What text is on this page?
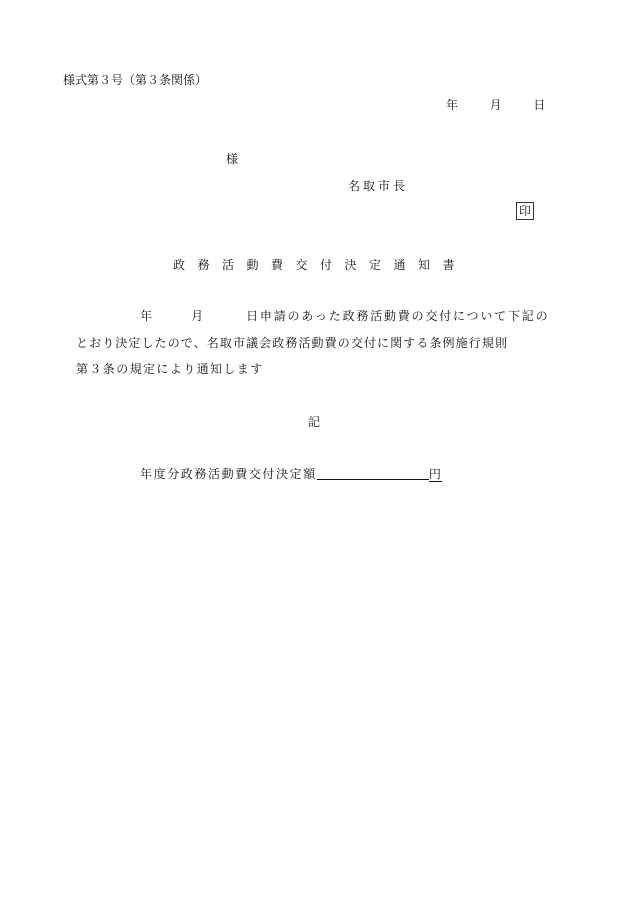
様式第３号（第３条関係）
年	月	日
様
名取市長
印
政務活動費交付決定通知書
年	月	日申請のあった政務活動費の交付について下記の
とおり決定したので、名取市議会政務活動費の交付に関する条例施行規則
第３条の規定により通知します
記
年度分政務活動費交付決定額	円
